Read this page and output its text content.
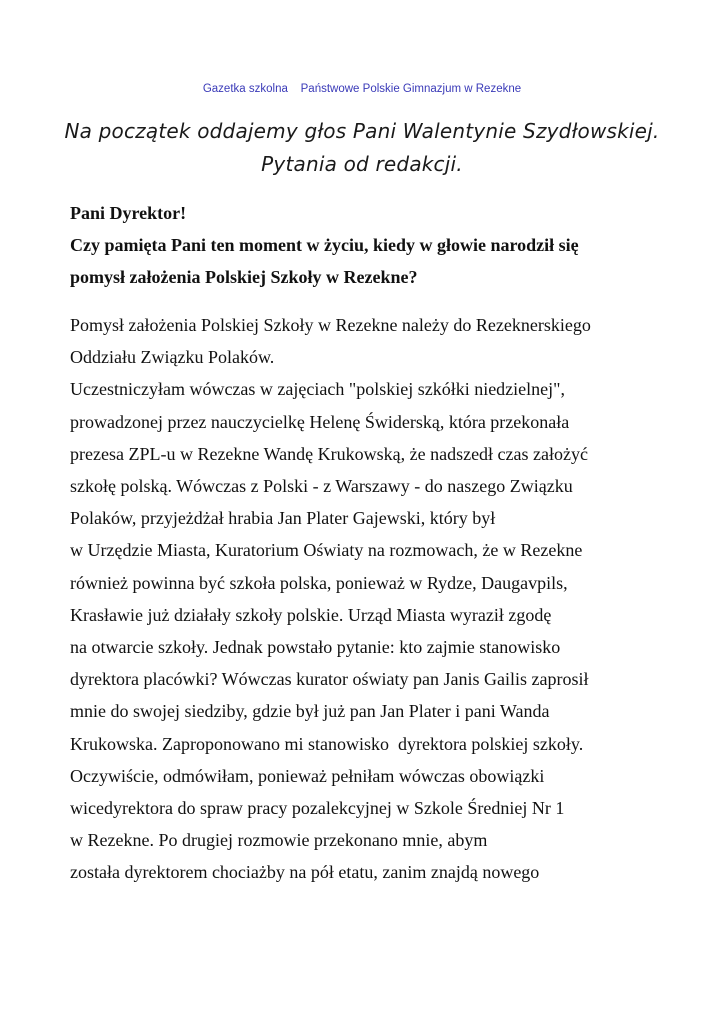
Gazetka szkolna    Państwowe Polskie Gimnazjum w Rezekne
Na początek oddajemy głos Pani Walentynie Szydłowskiej.
Pytania od redakcji.
Pani Dyrektor!
Czy pamięta Pani ten moment w życiu, kiedy w głowie narodził się
pomysł założenia Polskiej Szkoły w Rezekne?
Pomysł założenia Polskiej Szkoły w Rezekne należy do Rezeknerskiego
Oddziału Związku Polaków.
Uczestniczyłam wówczas w zajęciach "polskiej szkółki niedzielnej",
prowadzonej przez nauczycielkę Helenę Świderską, która przekonała
prezesa ZPL-u w Rezekne Wandę Krukowską, że nadszedł czas założyć
szkołę polską. Wówczas z Polski - z Warszawy - do naszego Związku
Polaków, przyjeżdżał hrabia Jan Plater Gajewski, który był
w Urzędzie Miasta, Kuratorium Oświaty na rozmowach, że w Rezekne
również powinna być szkoła polska, ponieważ w Rydze, Daugavpils,
Krasławie już działały szkoły polskie. Urząd Miasta wyraził zgodę
na otwarcie szkoły. Jednak powstało pytanie: kto zajmie stanowisko
dyrektora placówki? Wówczas kurator oświaty pan Janis Gailis zaprosił
mnie do swojej siedziby, gdzie był już pan Jan Plater i pani Wanda
Krukowska. Zaproponowano mi stanowisko  dyrektora polskiej szkoły.
Oczywiście, odmówiłam, ponieważ pełniłam wówczas obowiązki
wicedyrektora do spraw pracy pozalekcyjnej w Szkole Średniej Nr 1
w Rezekne. Po drugiej rozmowie przekonano mnie, abym
została dyrektorem chociażby na pół etatu, zanim znajdą nowego
